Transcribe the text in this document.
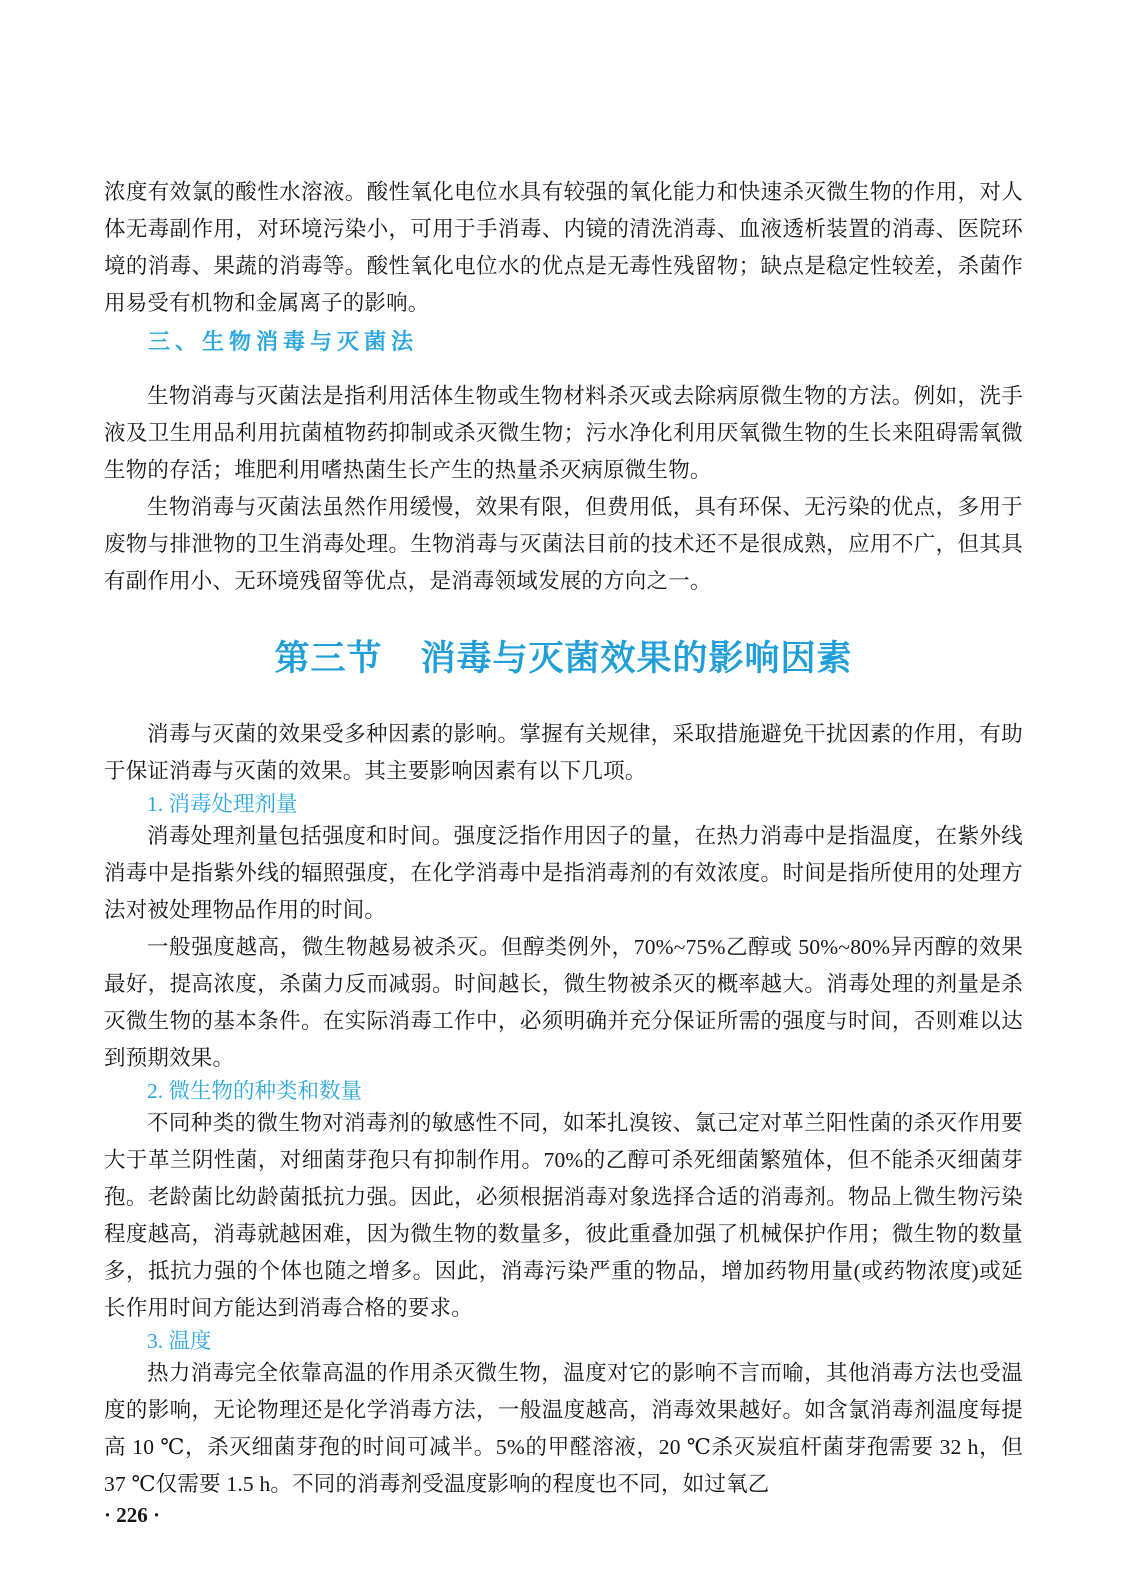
浓度有效氯的酸性水溶液。酸性氧化电位水具有较强的氧化能力和快速杀灭微生物的作用，对人体无毒副作用，对环境污染小，可用于手消毒、内镜的清洗消毒、血液透析装置的消毒、医院环境的消毒、果蔬的消毒等。酸性氧化电位水的优点是无毒性残留物；缺点是稳定性较差，杀菌作用易受有机物和金属离子的影响。

三、生物消毒与灭菌法

生物消毒与灭菌法是指利用活体生物或生物材料杀灭或去除病原微生物的方法。例如，洗手液及卫生用品利用抗菌植物药抑制或杀灭微生物；污水净化利用厌氧微生物的生长来阻碍需氧微生物的存活；堆肥利用嗜热菌生长产生的热量杀灭病原微生物。

生物消毒与灭菌法虽然作用缓慢，效果有限，但费用低，具有环保、无污染的优点，多用于废物与排泄物的卫生消毒处理。生物消毒与灭菌法目前的技术还不是很成熟，应用不广，但其具有副作用小、无环境残留等优点，是消毒领域发展的方向之一。

第三节 消毒与灭菌效果的影响因素

消毒与灭菌的效果受多种因素的影响。掌握有关规律，采取措施避免干扰因素的作用，有助于保证消毒与灭菌的效果。其主要影响因素有以下几项。

1. 消毒处理剂量

消毒处理剂量包括强度和时间。强度泛指作用因子的量，在热力消毒中是指温度，在紫外线消毒中是指紫外线的辐照强度，在化学消毒中是指消毒剂的有效浓度。时间是指所使用的处理方法对被处理物品作用的时间。

一般强度越高，微生物越易被杀灭。但醇类例外，70%~75%乙醇或 50%~80%异丙醇的效果最好，提高浓度，杀菌力反而减弱。时间越长，微生物被杀灭的概率越大。消毒处理的剂量是杀灭微生物的基本条件。在实际消毒工作中，必须明确并充分保证所需的强度与时间，否则难以达到预期效果。

2. 微生物的种类和数量

不同种类的微生物对消毒剂的敏感性不同，如苯扎溴铵、氯己定对革兰阳性菌的杀灭作用要大于革兰阴性菌，对细菌芽孢只有抑制作用。70%的乙醇可杀死细菌繁殖体，但不能杀灭细菌芽孢。老龄菌比幼龄菌抵抗力强。因此，必须根据消毒对象选择合适的消毒剂。物品上微生物污染程度越高，消毒就越困难，因为微生物的数量多，彼此重叠加强了机械保护作用；微生物的数量多，抵抗力强的个体也随之增多。因此，消毒污染严重的物品，增加药物用量(或药物浓度)或延长作用时间方能达到消毒合格的要求。

3. 温度

热力消毒完全依靠高温的作用杀灭微生物，温度对它的影响不言而喻，其他消毒方法也受温度的影响，无论物理还是化学消毒方法，一般温度越高，消毒效果越好。如含氯消毒剂温度每提高 10 ℃，杀灭细菌芽孢的时间可减半。5%的甲醛溶液，20 ℃杀灭炭疽杆菌芽孢需要 32 h，但 37 ℃仅需要 1.5 h。不同的消毒剂受温度影响的程度也不同，如过氧乙

· 226 ·
